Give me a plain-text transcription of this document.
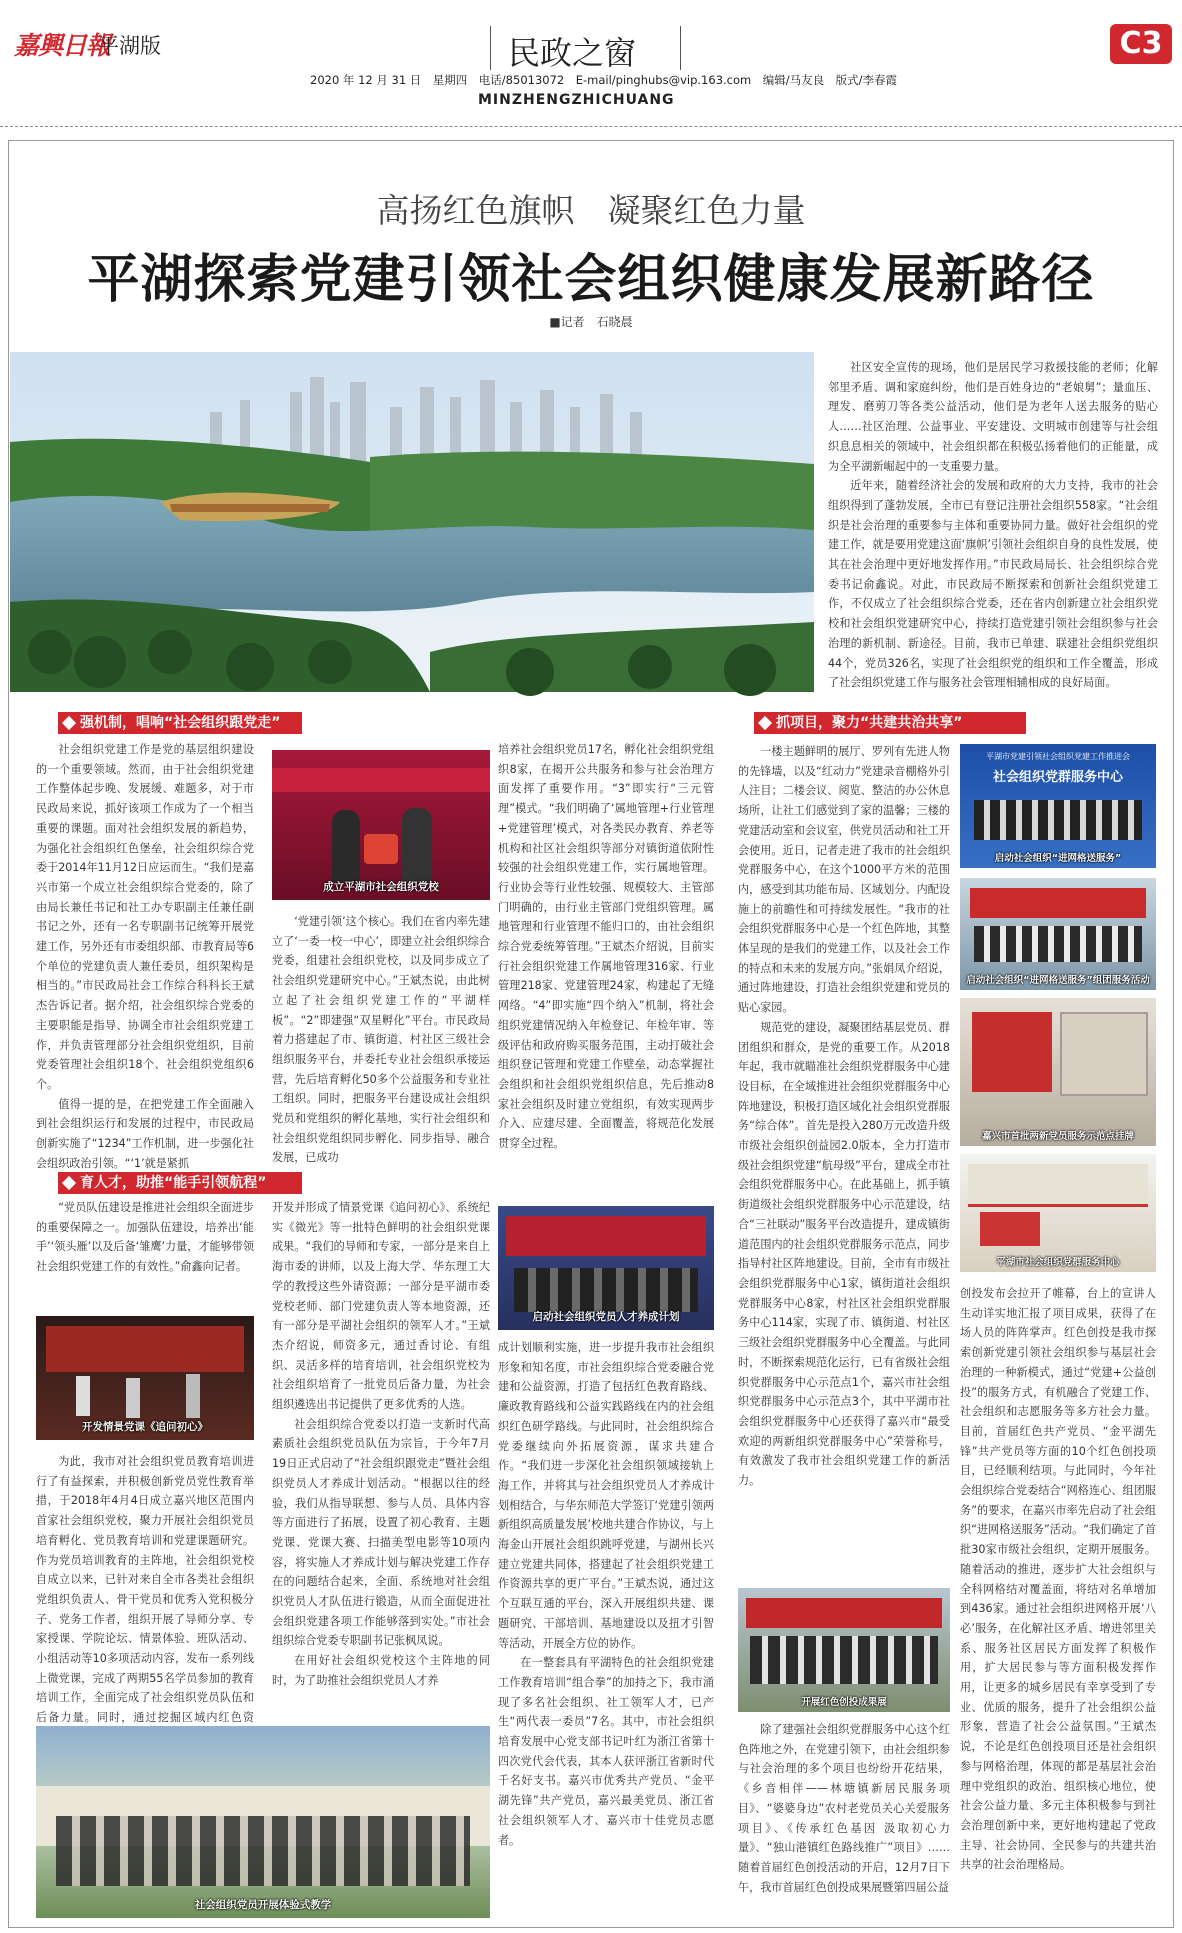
嘉興日報
平湖版	民政之窗
2020 年 12 月 31 日　星期四　电话/85013072　E-mail/pinghubs@vip.163.com　编辑/马友良　版式/李春霞
MINZHENGZHICHUANG
C3
高扬红色旗帜　凝聚红色力量
平湖探索党建引领社会组织健康发展新路径
■记者　石晓晨

社区安全宣传的现场，他们是居民学习救援技能的老师；化解邻里矛盾、调和家庭纠纷，他们是百姓身边的“老娘舅”；量血压、理发、磨剪刀等各类公益活动，他们是为老年人送去服务的贴心人……社区治理、公益事业、平安建设、文明城市创建等与社会组织息息相关的领域中，社会组织都在积极弘扬着他们的正能量，成为全平湖新崛起中的一支重要力量。

近年来，随着经济社会的发展和政府的大力支持，我市的社会组织得到了蓬勃发展，全市已有登记注册社会组织558家。“社会组织是社会治理的重要参与主体和重要协同力量。做好社会组织的党建工作，就是要用党建这面‘旗帜’引领社会组织自身的良性发展，使其在社会治理中更好地发挥作用。”市民政局局长、社会组织综合党委书记俞鑫说。对此，市民政局不断探索和创新社会组织党建工作，不仅成立了社会组织综合党委，还在省内创新建立社会组织党校和社会组织党建研究中心，持续打造党建引领社会组织参与社会治理的新机制、新途径。目前，我市已单建、联建社会组织党组织44个，党员326名，实现了社会组织党的组织和工作全覆盖，形成了社会组织党建工作与服务社会管理相辅相成的良好局面。

强机制，唱响“社会组织跟党走”
育人才，助推“能手引领航程”
抓项目，聚力“共建共治共享”

社会组织党建工作是党的基层组织建设的一个重要领域。然而，由于社会组织党建工作整体起步晚、发展缓、难题多，对于市民政局来说，抓好该项工作成为了一个相当重要的课题。面对社会组织发展的新趋势，为强化社会组织红色堡垒，社会组织综合党委于2014年11月12日应运而生。“我们是嘉兴市第一个成立社会组织综合党委的，除了由局长兼任书记和社工办专职副主任兼任副书记之外，还有一名专职副书记统筹开展党建工作，另外还有市委组织部、市教育局等6个单位的党建负责人兼任委员，组织架构是相当的。”市民政局社会工作综合科科长王斌杰告诉记者。据介绍，社会组织综合党委的主要职能是指导、协调全市社会组织党建工作，并负责管理部分社会组织党组织，目前党委管理社会组织18个、社会组织党组织6个。

值得一提的是，在把党建工作全面融入到社会组织运行和发展的过程中，市民政局创新实施了“1234”工作机制，进一步强化社会组织政治引领。“‘1’就是紧抓

成立平湖市社会组织党校

‘党建引领’这个核心。我们在省内率先建立了‘一委一校一中心’，即建立社会组织综合党委，组建社会组织党校，以及同步成立了社会组织党建研究中心。”王斌杰说，由此树立起了社会组织党建工作的“平湖样板”。“2”即建强“双星孵化”平台。市民政局着力搭建起了市、镇街道、村社区三级社会组织服务平台，并委托专业社会组织承接运营，先后培育孵化50多个公益服务和专业社工组织。同时，把服务平台建设成社会组织党员和党组织的孵化基地，实行社会组织和社会组织党组织同步孵化、同步指导、融合发展，已成功

培养社会组织党员17名，孵化社会组织党组织8家，在揭开公共服务和参与社会治理方面发挥了重要作用。“3”即实行“三元管理”模式。“我们明确了‘属地管理+行业管理+党建管理’模式，对各类民办教育、养老等机构和社区社会组织等部分对镇街道依附性较强的社会组织党建工作，实行属地管理。行业协会等行业性较强、规模较大、主管部门明确的，由行业主管部门党组织管理。属地管理和行业管理不能归口的，由社会组织综合党委统筹管理。”王斌杰介绍说，目前实行社会组织党建工作属地管理316家、行业管理218家、党建管理24家，构建起了无缝网络。“4”即实施“四个纳入”机制，将社会组织党建情况纳入年检登记、年检年审、等级评估和政府购买服务范围，主动打破社会组织登记管理和党建工作壁垒，动态掌握社会组织和社会组织党组织信息，先后推动8家社会组织及时建立党组织，有效实现两步介入、应建尽建、全面覆盖，将规范化发展贯穿全过程。

“党员队伍建设是推进社会组织全面进步的重要保障之一。加强队伍建设，培养出‘能手’‘领头雁’以及后备‘雏鹰’力量，才能够带领社会组织党建工作的有效性。”俞鑫向记者。

开发情景党课《追问初心》

为此，我市对社会组织党员教育培训进行了有益探索，并积极创新党员党性教育举措，于2018年4月4日成立嘉兴地区范围内首家社会组织党校，聚力开展社会组织党员培育孵化、党员教育培训和党建课题研究。作为党员培训教育的主阵地，社会组织党校自成立以来，已针对来自全市各类社会组织党组织负责人、骨干党员和优秀入党积极分子、党务工作者，组织开展了导师分享、专家授课、学院论坛、情景体验、班队活动、小组活动等10多项活动内容，发布一系列线上微党课，完成了两期55名学员参加的教育培训工作，全面完成了社会组织党员队伍和后备力量。同时，通过挖掘区域内红色资

开发并形成了情景党课《追问初心》、系统纪实《微光》等一批特色鲜明的社会组织党课成果。“我们的导师和专家，一部分是来自上海市委的讲师，以及上海大学、华东理工大学的教授这些外请资源；一部分是平湖市委党校老师、部门党建负责人等本地资源，还有一部分是平湖社会组织的领军人才。”王斌杰介绍说，师资多元，通过香讨论、有组织、灵活多样的培育培训，社会组织党校为社会组织培育了一批党员后备力量，为社会组织遴选出书记提供了更多优秀的人选。

社会组织综合党委以打造一支新时代高素质社会组织党员队伍为宗旨，于今年7月19日正式启动了“社会组织跟党走”暨社会组织党员人才养成计划活动。“根据以往的经验，我们从指导联想、参与人员、具体内容等方面进行了拓展，设置了初心教育、主题党课、党课大赛、扫描美型电影等10项内容，将实施人才养成计划与解决党建工作存在的问题结合起来，全面、系统地对社会组织党员人才队伍进行锻造，从而全面促进社会组织党建各项工作能够落到实处。”市社会组织综合党委专职副书记张枫凤说。

在用好社会组织党校这个主阵地的同时，为了助推社会组织党员人才养

启动社会组织党员人才养成计划

成计划顺利实施，进一步提升我市社会组织形象和知名度，市社会组织综合党委融合党建和公益资源，打造了包括红色教育路线、廉政教育路线和公益实践路线在内的社会组织红色研学路线。与此同时，社会组织综合党委继续向外拓展资源，谋求共建合作。“我们进一步深化社会组织领域接轨上海工作，并将其与社会组织党员人才养成计划相结合，与华东师范大学签订‘党建引领两新组织高质量发展’校地共建合作协议，与上海金山开展社会组织跳呼党建，与湖州长兴建立党建共同体，搭建起了社会组织党建工作资源共享的更广平台。”王斌杰说，通过这个互联互通的平台，深入开展组织共建、课题研究、干部培训、基地建设以及扭才引智等活动，开展全方位的协作。

在一整套具有平湖特色的社会组织党建工作教育培训“组合拳”的加持之下，我市涌现了多名社会组织、社工领军人才，已产生“两代表一委员”7名。其中，市社会组织培育发展中心党支部书记叶红为浙江省第十四次党代会代表，其本人获评浙江省新时代千名好支书。嘉兴市优秀共产党员、“金平湖先锋”共产党员，嘉兴最美党员、浙江省社会组织领军人才、嘉兴市十佳党员志愿者。

社会组织党员开展体验式教学

一楼主题鲜明的展厅、罗列有先进人物的先锋墙，以及“红动力”党建录音棚格外引人注目；二楼会议、阅览、整洁的办公休息场所，让社工们感觉到了家的温馨；三楼的党建活动室和会议室，供党员活动和社工开会使用。近日，记者走进了我市的社会组织党群服务中心，在这个1000平方米的范围内，感受到其功能布局、区域划分、内配设施上的前瞻性和可持续发展性。“我市的社会组织党群服务中心是一个红色阵地，其整体呈现的是我们的党建工作，以及社会工作的特点和未来的发展方向。”张娟凤介绍说，通过阵地建设，打造社会组织党建和党员的贴心家园。

规范党的建设，凝聚团结基层党员、群团组织和群众，是党的重要工作。从2018年起，我市就瞄准社会组织党群服务中心建设目标，在全域推进社会组织党群服务中心阵地建设，积极打造区域化社会组织党群服务“综合体”。首先是投入280万元改造升级市级社会组织创益园2.0版本，全力打造市级社会组织党建“航母级”平台，建成全市社会组织党群服务中心。在此基础上，抓手镇街道级社会组织党群服务中心示范建设，结合“三社联动”服务平台改造提升，建成镇街道范围内的社会组织党群服务示范点，同步指导村社区阵地建设。目前，全市有市级社会组织党群服务中心1家，镇街道社会组织党群服务中心8家，村社区社会组织党群服务中心114家，实现了市、镇街道、村社区三级社会组织党群服务中心全覆盖。与此同时，不断探索规范化运行，已有省级社会组织党群服务中心示范点1个，嘉兴市社会组织党群服务中心示范点3个，其中平湖市社会组织党群服务中心还获得了嘉兴市“最受欢迎的两新组织党群服务中心”荣誉称号，有效激发了我市社会组织党建工作的新活力。

平湖市党建引领社会组织党建工作推进会
社会组织党群服务中心
启动社会组织“进网格送服务”
启动社会组织“进网格送服务”组团服务活动
嘉兴市首批两新党员服务示范点挂牌
平湖市社会组织党群服务中心

创投发布会拉开了帷幕，台上的宣讲人生动详实地汇报了项目成果，获得了在场人员的阵阵掌声。红色创投是我市探索创新党建引领社会组织参与基层社会治理的一种新模式，通过“党建+公益创投”的服务方式，有机融合了党建工作、社会组织和志愿服务等多方社会力量。目前，首届红色共产党员、“金平湖先锋”共产党员等方面的10个红色创投项目，已经顺利结项。与此同时，今年社会组织综合党委结合“网格连心、组团服务”的要求，在嘉兴市率先启动了社会组织“进网格送服务”活动。“我们确定了首批30家市级社会组织，定期开展服务。随着活动的推进，逐步扩大社会组织与全科网格结对覆盖面，将结对名单增加到436家。通过社会组织进网格开展‘八必’服务，在化解社区矛盾、增进邻里关系、服务社区居民方面发挥了积极作用，扩大居民参与等方面积极发挥作用，让更多的城乡居民有幸享受到了专业、优质的服务，提升了社会组织公益形象，营造了社会公益氛围。”王斌杰说，不论是红色创投项目还是社会组织参与网格治理，体现的都是基层社会治理中党组织的政治、组织核心地位，使社会公益力量、多元主体积极参与到社会治理创新中来，更好地构建起了党政主导、社会协同、全民参与的共建共治共享的社会治理格局。

开展红色创投成果展

除了建强社会组织党群服务中心这个红色阵地之外，在党建引领下，由社会组织参与社会治理的多个项目也纷纷开花结果，《乡音相伴——林塘镇新居民服务项目》、“婆婆身边”农村老党员关心关爱服务项目》、《传承红色基因 汲取初心力量》、“独山港镇红色路线推广”项目》……随着首届红色创投活动的开启，12月7日下午，我市首届红色创投成果展暨第四届公益
